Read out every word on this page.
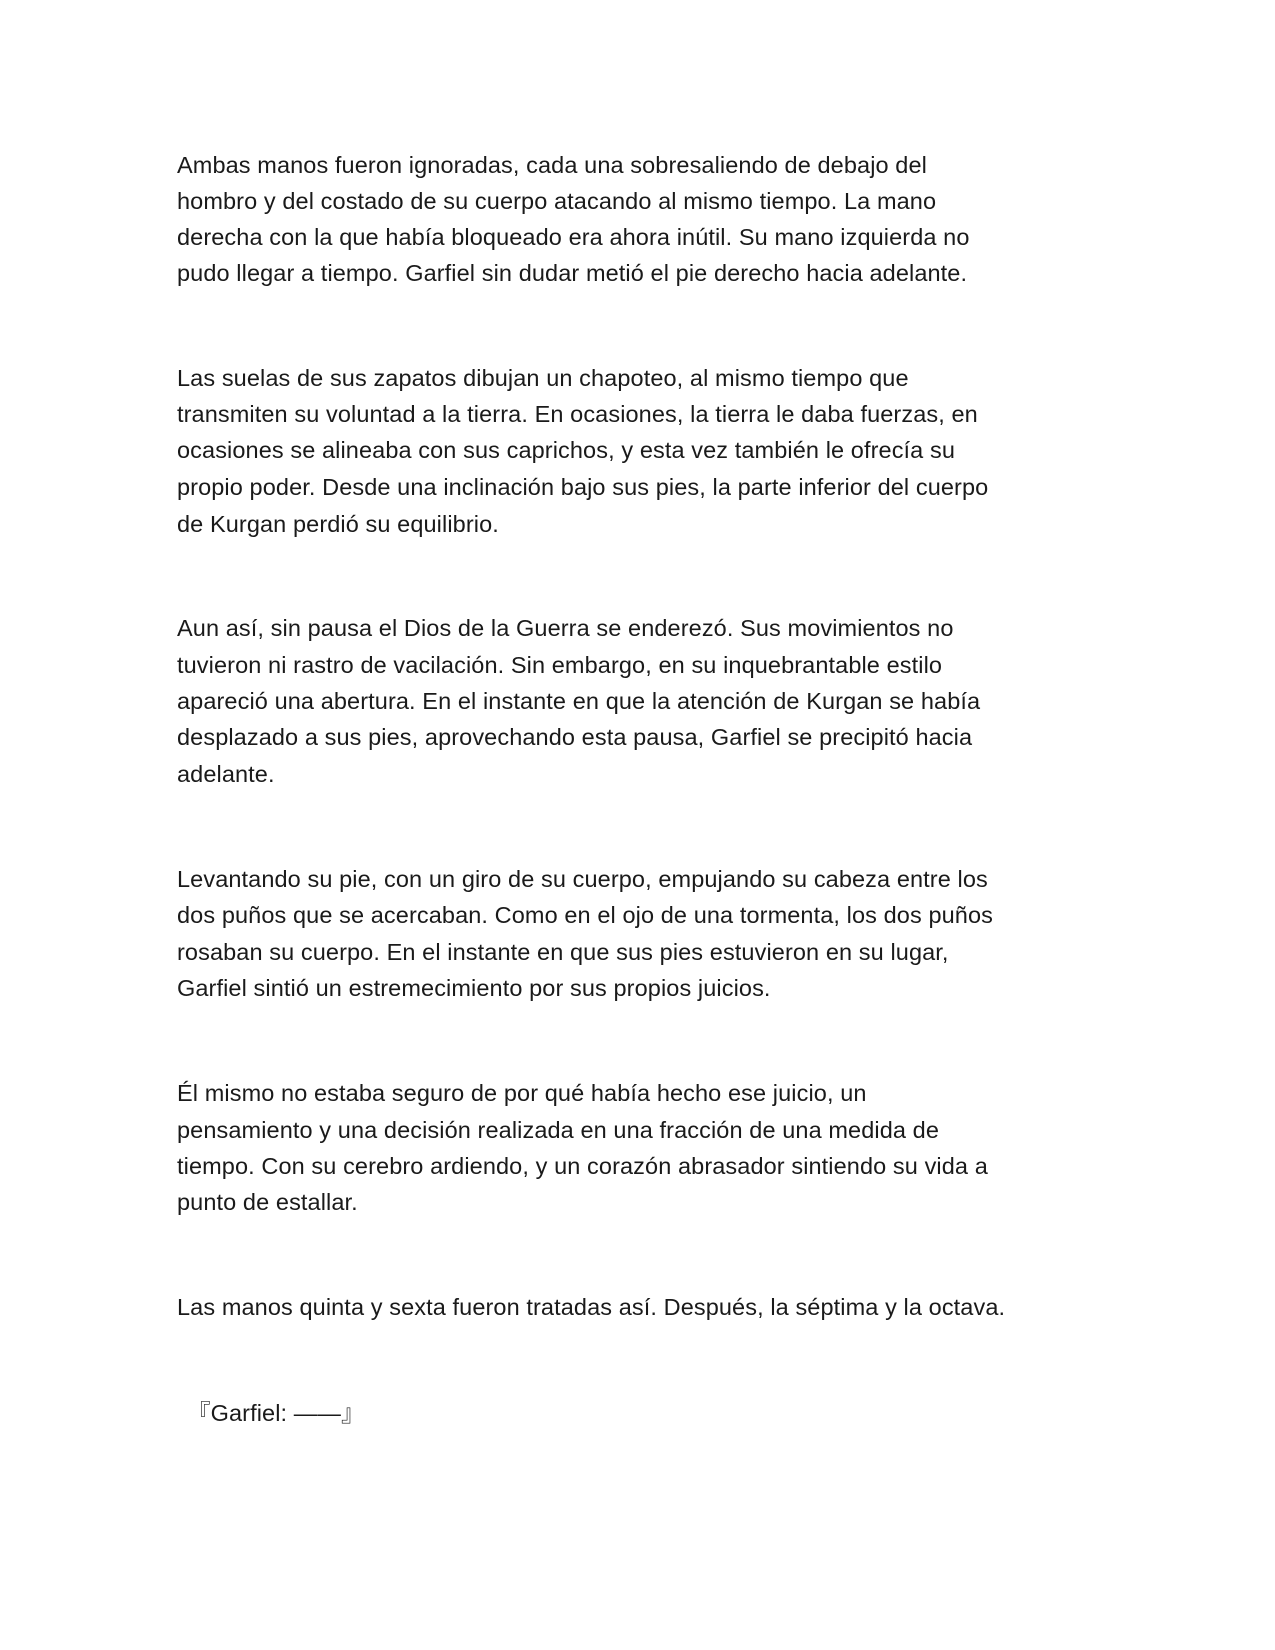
Ambas manos fueron ignoradas, cada una sobresaliendo de debajo del

hombro y del costado de su cuerpo atacando al mismo tiempo. La mano

derecha con la que había bloqueado era ahora inútil. Su mano izquierda no

pudo llegar a tiempo. Garfiel sin dudar metió el pie derecho hacia adelante.

Las suelas de sus zapatos dibujan un chapoteo, al mismo tiempo que

transmiten su voluntad a la tierra. En ocasiones, la tierra le daba fuerzas, en

ocasiones se alineaba con sus caprichos, y esta vez también le ofrecía su

propio poder. Desde una inclinación bajo sus pies, la parte inferior del cuerpo

de Kurgan perdió su equilibrio.

Aun así, sin pausa el Dios de la Guerra se enderezó. Sus movimientos no

tuvieron ni rastro de vacilación. Sin embargo, en su inquebrantable estilo

apareció una abertura. En el instante en que la atención de Kurgan se había

desplazado a sus pies, aprovechando esta pausa, Garfiel se precipitó hacia

adelante.

Levantando su pie, con un giro de su cuerpo, empujando su cabeza entre los

dos puños que se acercaban. Como en el ojo de una tormenta, los dos puños

rosaban su cuerpo. En el instante en que sus pies estuvieron en su lugar,

Garfiel sintió un estremecimiento por sus propios juicios.

Él mismo no estaba seguro de por qué había hecho ese juicio, un

pensamiento y una decisión realizada en una fracción de una medida de

tiempo. Con su cerebro ardiendo, y un corazón abrasador sintiendo su vida a

punto de estallar.

Las manos quinta y sexta fueron tratadas así. Después, la séptima y la octava.

『Garfiel: ——』
